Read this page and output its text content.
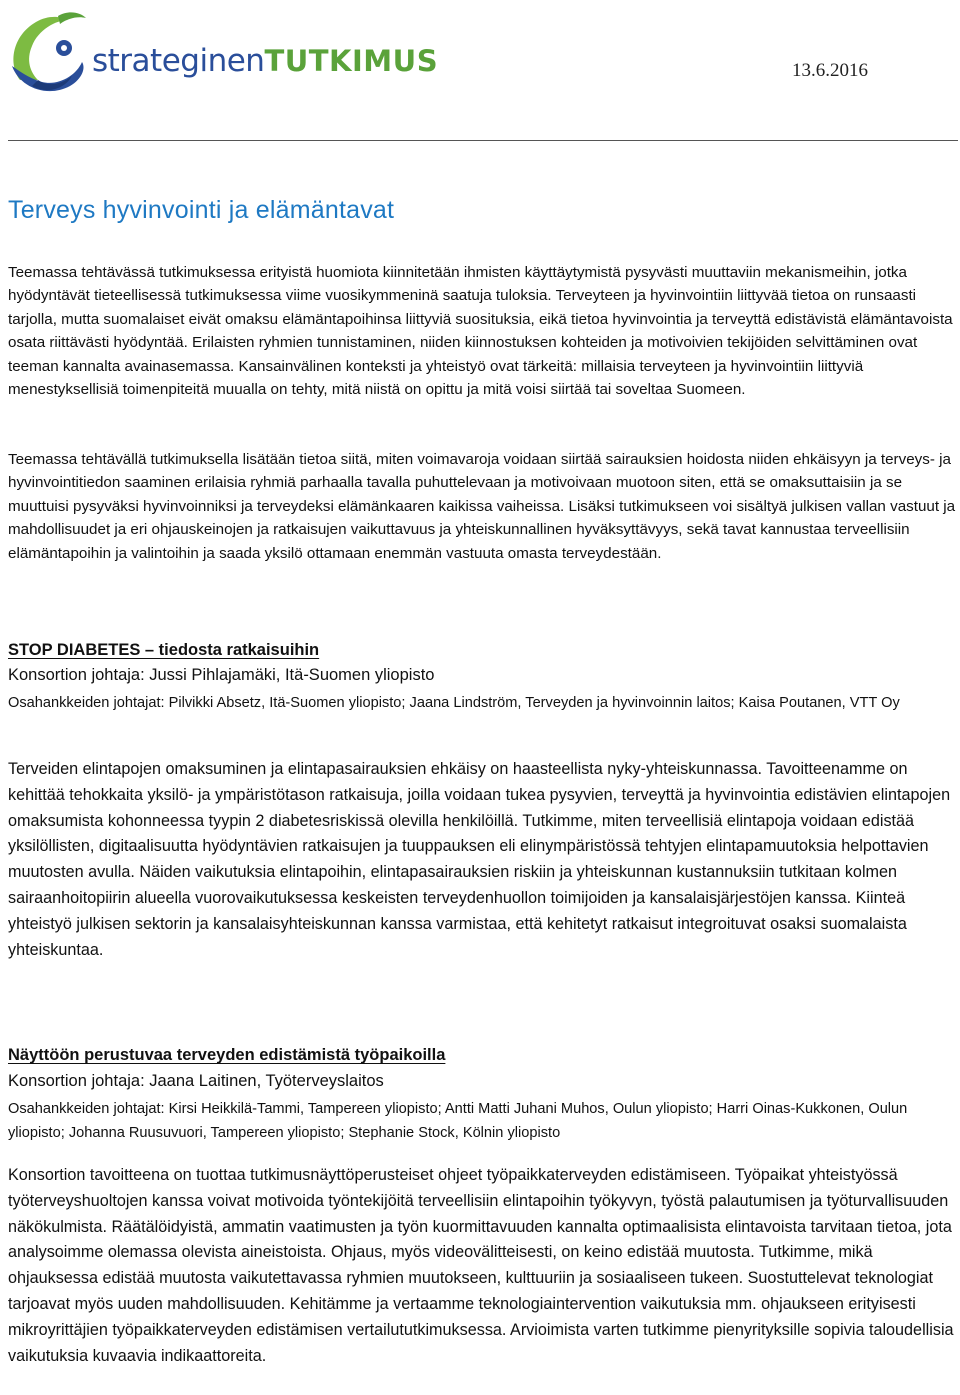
strateginenTUTKIMUS	13.6.2016
Terveys hyvinvointi ja elämäntavat

Teemassa tehtävässä tutkimuksessa erityistä huomiota kiinnitetään ihmisten käyttäytymistä pysyvästi muuttaviin mekanismeihin, jotka hyödyntävät tieteellisessä tutkimuksessa viime vuosikymmeninä saatuja tuloksia. Terveyteen ja hyvinvointiin liittyvää tietoa on runsaasti tarjolla, mutta suomalaiset eivät omaksu elämäntapoihinsa liittyviä suosituksia, eikä tietoa hyvinvointia ja terveyttä edistävistä elämäntavoista osata riittävästi hyödyntää. Erilaisten ryhmien tunnistaminen, niiden kiinnostuksen kohteiden ja motivoivien tekijöiden selvittäminen ovat teeman kannalta avainasemassa. Kansainvälinen konteksti ja yhteistyö ovat tärkeitä: millaisia terveyteen ja hyvinvointiin liittyviä menestyksellisiä toimenpiteitä muualla on tehty, mitä niistä on opittu ja mitä voisi siirtää tai soveltaa Suomeen.

Teemassa tehtävällä tutkimuksella lisätään tietoa siitä, miten voimavaroja voidaan siirtää sairauksien hoidosta niiden ehkäisyyn ja terveys- ja hyvinvointitiedon saaminen erilaisia ryhmiä parhaalla tavalla puhuttelevaan ja motivoivaan muotoon siten, että se omaksuttaisiin ja se muuttuisi pysyväksi hyvinvoinniksi ja terveydeksi elämänkaaren kaikissa vaiheissa. Lisäksi tutkimukseen voi sisältyä julkisen vallan vastuut ja mahdollisuudet ja eri ohjauskeinojen ja ratkaisujen vaikuttavuus ja yhteiskunnallinen hyväksyttävyys, sekä tavat kannustaa terveellisiin elämäntapoihin ja valintoihin ja saada yksilö ottamaan enemmän vastuuta omasta terveydestään.

STOP DIABETES – tiedosta ratkaisuihin

Konsortion johtaja: Jussi Pihlajamäki, Itä-Suomen yliopisto

Osahankkeiden johtajat: Pilvikki Absetz, Itä-Suomen yliopisto; Jaana Lindström, Terveyden ja hyvinvoinnin laitos; Kaisa Poutanen, VTT Oy

Terveiden elintapojen omaksuminen ja elintapasairauksien ehkäisy on haasteellista nyky-yhteiskunnassa. Tavoitteenamme on kehittää tehokkaita yksilö- ja ympäristötason ratkaisuja, joilla voidaan tukea pysyvien, terveyttä ja hyvinvointia edistävien elintapojen omaksumista kohonneessa tyypin 2 diabetesriskissä olevilla henkilöillä. Tutkimme, miten terveellisiä elintapoja voidaan edistää yksilöllisten, digitaalisuutta hyödyntävien ratkaisujen ja tuuppauksen eli elinympäristössä tehtyjen elintapamuutoksia helpottavien muutosten avulla. Näiden vaikutuksia elintapoihin, elintapasairauksien riskiin ja yhteiskunnan kustannuksiin tutkitaan kolmen sairaanhoitopiirin alueella vuorovaikutuksessa keskeisten terveydenhuollon toimijoiden ja kansalaisjärjestöjen kanssa. Kiinteä yhteistyö julkisen sektorin ja kansalaisyhteiskunnan kanssa varmistaa, että kehitetyt ratkaisut integroituvat osaksi suomalaista yhteiskuntaa.

Näyttöön perustuvaa terveyden edistämistä työpaikoilla

Konsortion johtaja: Jaana Laitinen, Työterveyslaitos

Osahankkeiden johtajat: Kirsi Heikkilä-Tammi, Tampereen yliopisto; Antti Matti Juhani Muhos, Oulun yliopisto; Harri Oinas-Kukkonen, Oulun yliopisto; Johanna Ruusuvuori, Tampereen yliopisto; Stephanie Stock, Kölnin yliopisto

Konsortion tavoitteena on tuottaa tutkimusnäyttöperusteiset ohjeet työpaikkaterveyden edistämiseen. Työpaikat yhteistyössä työterveyshuoltojen kanssa voivat motivoida työntekijöitä terveellisiin elintapoihin työkyvyn, työstä palautumisen ja työturvallisuuden näkökulmista. Räätälöidyistä, ammatin vaatimusten ja työn kuormittavuuden kannalta optimaalisista elintavoista tarvitaan tietoa, jota analysoimme olemassa olevista aineistoista. Ohjaus, myös videovälitteisesti, on keino edistää muutosta. Tutkimme, mikä ohjauksessa edistää muutosta vaikutettavassa ryhmien muutokseen, kulttuuriin ja sosiaaliseen tukeen. Suostuttelevat teknologiat tarjoavat myös uuden mahdollisuuden. Kehitämme ja vertaamme teknologiaintervention vaikutuksia mm. ohjaukseen erityisesti mikroyrittäjien työpaikkaterveyden edistämisen vertailututkimuksessa. Arvioimista varten tutkimme pienyrityksille sopivia taloudellisia vaikutuksia kuvaavia indikaattoreita.
